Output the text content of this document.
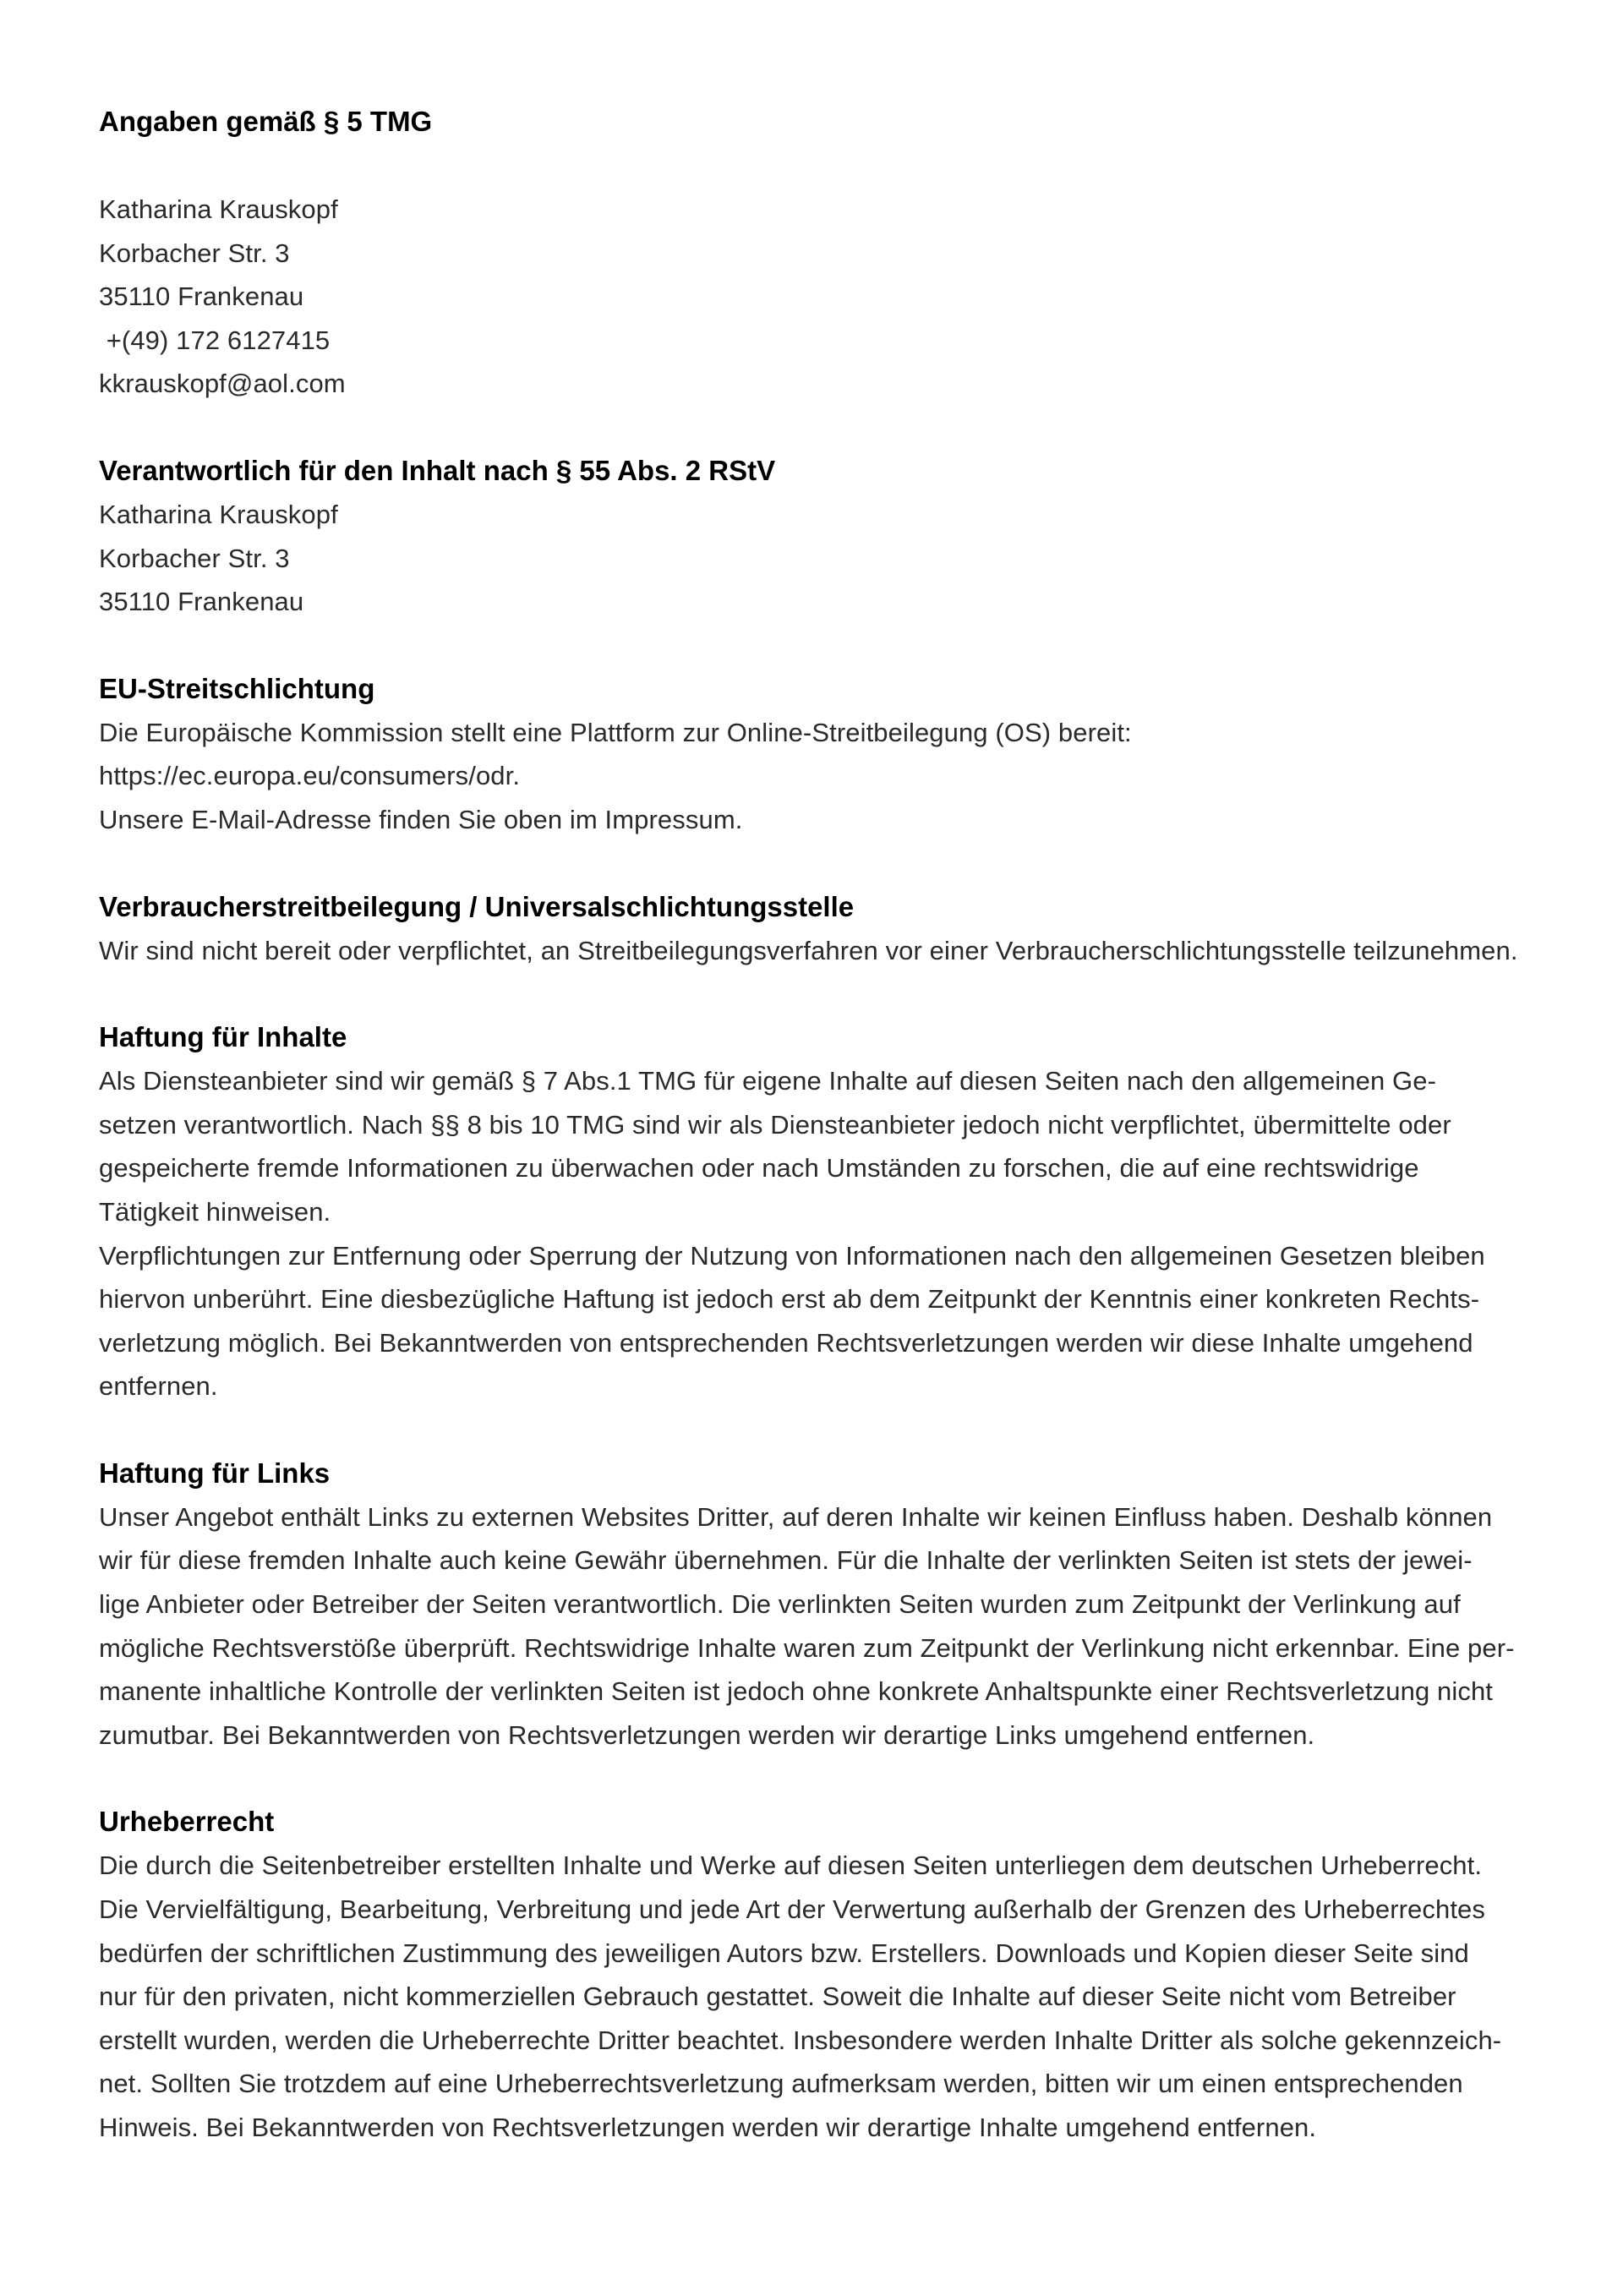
Angaben gemäß § 5 TMG
Katharina Krauskopf
Korbacher Str. 3
35110 Frankenau
+(49) 172 6127415
kkrauskopf@aol.com
Verantwortlich für den Inhalt nach § 55 Abs. 2 RStV
Katharina Krauskopf
Korbacher Str. 3
35110 Frankenau
EU-Streitschlichtung
Die Europäische Kommission stellt eine Plattform zur Online-Streitbeilegung (OS) bereit:
https://ec.europa.eu/consumers/odr.
Unsere E-Mail-Adresse finden Sie oben im Impressum.
Verbraucherstreitbeilegung / Universalschlichtungsstelle
Wir sind nicht bereit oder verpflichtet, an Streitbeilegungsverfahren vor einer Verbraucherschlichtungsstelle teilzunehmen.
Haftung für Inhalte
Als Diensteanbieter sind wir gemäß § 7 Abs.1 TMG für eigene Inhalte auf diesen Seiten nach den allgemeinen Ge-
setzen verantwortlich. Nach §§ 8 bis 10 TMG sind wir als Diensteanbieter jedoch nicht verpflichtet, übermittelte oder
gespeicherte fremde Informationen zu überwachen oder nach Umständen zu forschen, die auf eine rechtswidrige
Tätigkeit hinweisen.
Verpflichtungen zur Entfernung oder Sperrung der Nutzung von Informationen nach den allgemeinen Gesetzen bleiben
hiervon unberührt. Eine diesbezügliche Haftung ist jedoch erst ab dem Zeitpunkt der Kenntnis einer konkreten Rechts-
verletzung möglich. Bei Bekanntwerden von entsprechenden Rechtsverletzungen werden wir diese Inhalte umgehend
entfernen.
Haftung für Links
Unser Angebot enthält Links zu externen Websites Dritter, auf deren Inhalte wir keinen Einfluss haben. Deshalb können
wir für diese fremden Inhalte auch keine Gewähr übernehmen. Für die Inhalte der verlinkten Seiten ist stets der jewei-
lige Anbieter oder Betreiber der Seiten verantwortlich. Die verlinkten Seiten wurden zum Zeitpunkt der Verlinkung auf
mögliche Rechtsverstöße überprüft. Rechtswidrige Inhalte waren zum Zeitpunkt der Verlinkung nicht erkennbar. Eine per-
manente inhaltliche Kontrolle der verlinkten Seiten ist jedoch ohne konkrete Anhaltspunkte einer Rechtsverletzung nicht
zumutbar. Bei Bekanntwerden von Rechtsverletzungen werden wir derartige Links umgehend entfernen.
Urheberrecht
Die durch die Seitenbetreiber erstellten Inhalte und Werke auf diesen Seiten unterliegen dem deutschen Urheberrecht.
Die Vervielfältigung, Bearbeitung, Verbreitung und jede Art der Verwertung außerhalb der Grenzen des Urheberrechtes
bedürfen der schriftlichen Zustimmung des jeweiligen Autors bzw. Erstellers. Downloads und Kopien dieser Seite sind
nur für den privaten, nicht kommerziellen Gebrauch gestattet. Soweit die Inhalte auf dieser Seite nicht vom Betreiber
erstellt wurden, werden die Urheberrechte Dritter beachtet. Insbesondere werden Inhalte Dritter als solche gekennzeich-
net. Sollten Sie trotzdem auf eine Urheberrechtsverletzung aufmerksam werden, bitten wir um einen entsprechenden
Hinweis. Bei Bekanntwerden von Rechtsverletzungen werden wir derartige Inhalte umgehend entfernen.
